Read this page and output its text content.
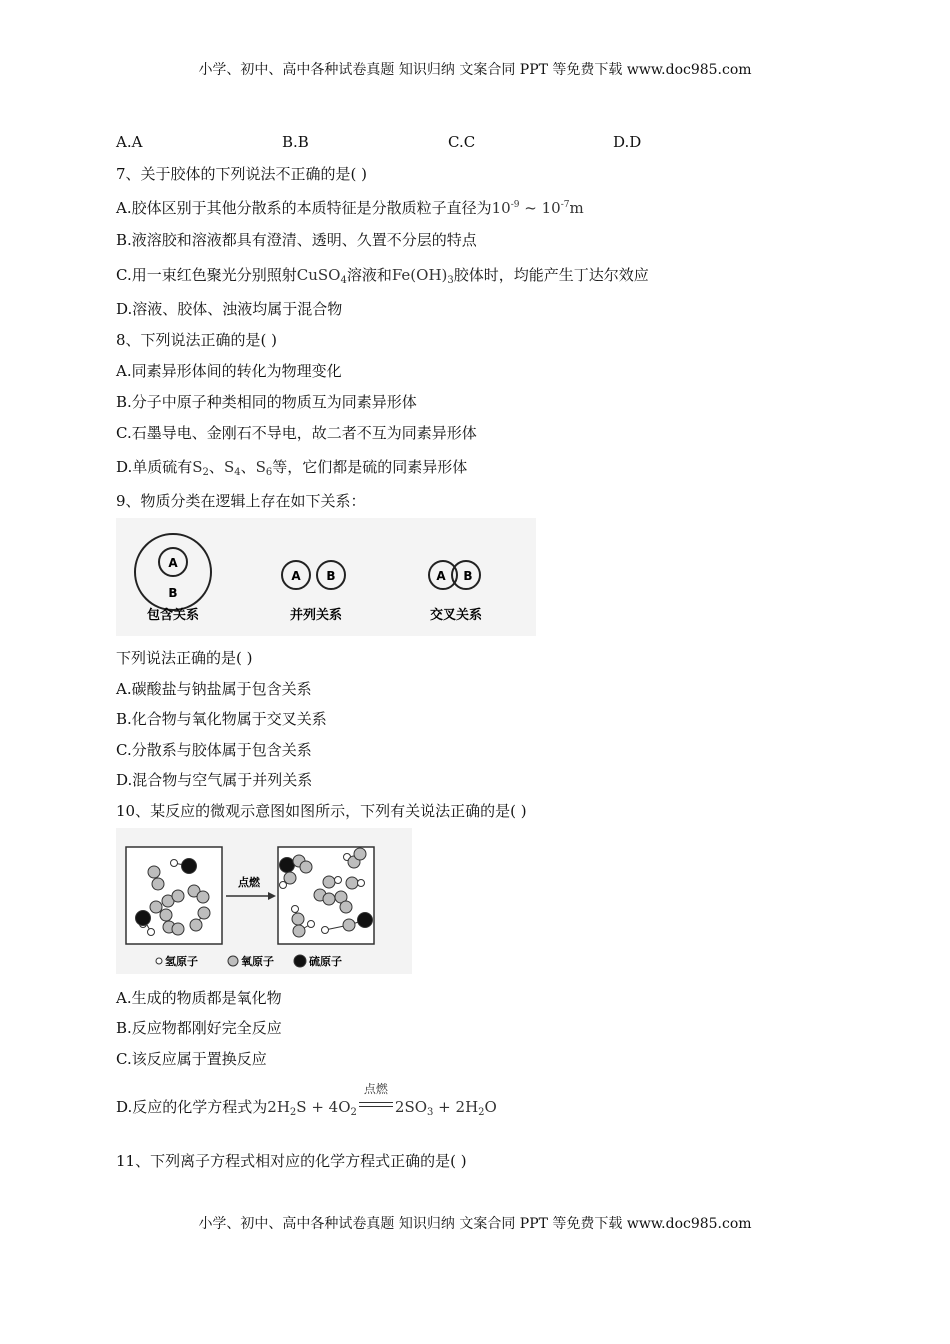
小学、初中、高中各种试卷真题 知识归纳 文案合同 PPT 等免费下载 www.doc985.com
A.A	B.B	C.C	D.D
7、关于胶体的下列说法不正确的是( )
A.胶体区别于其他分散系的本质特征是分散质粒子直径为$10^{-9}$ ~ $10^{-7}m$
B.液溶胶和溶液都具有澄清、透明、久置不分层的特点
C.用一束红色聚光分别照射CuSO$_4$溶液和$Fe(OH)_3$胶体时，均能产生丁达尔效应
D.溶液、胶体、浊液均属于混合物
8、下列说法正确的是( )
A.同素异形体间的转化为物理变化
B.分子中原子种类相同的物质互为同素异形体
C.石墨导电、金刚石不导电，故二者不互为同素异形体
D.单质硫有$S_2$、$S_4$、$S_6$等，它们都是硫的同素异形体
9、物质分类在逻辑上存在如下关系：
A
B
包含关系
A B
并列关系
A B
交叉关系
下列说法正确的是( )
A.碳酸盐与钠盐属于包含关系
B.化合物与氧化物属于交叉关系
C.分散系与胶体属于包含关系
D.混合物与空气属于并列关系
10、某反应的微观示意图如图所示，下列有关说法正确的是( )
点燃
氢原子	氧原子	硫原子
A.生成的物质都是氧化物
B.反应物都刚好完全反应
C.该反应属于置换反应
D.反应的化学方程式为$2H_2S + 4O_2$
点燃
$2SO_3 + 2H_2O$
11、下列离子方程式相对应的化学方程式正确的是( )
小学、初中、高中各种试卷真题 知识归纳 文案合同 PPT 等免费下载 www.doc985.com
